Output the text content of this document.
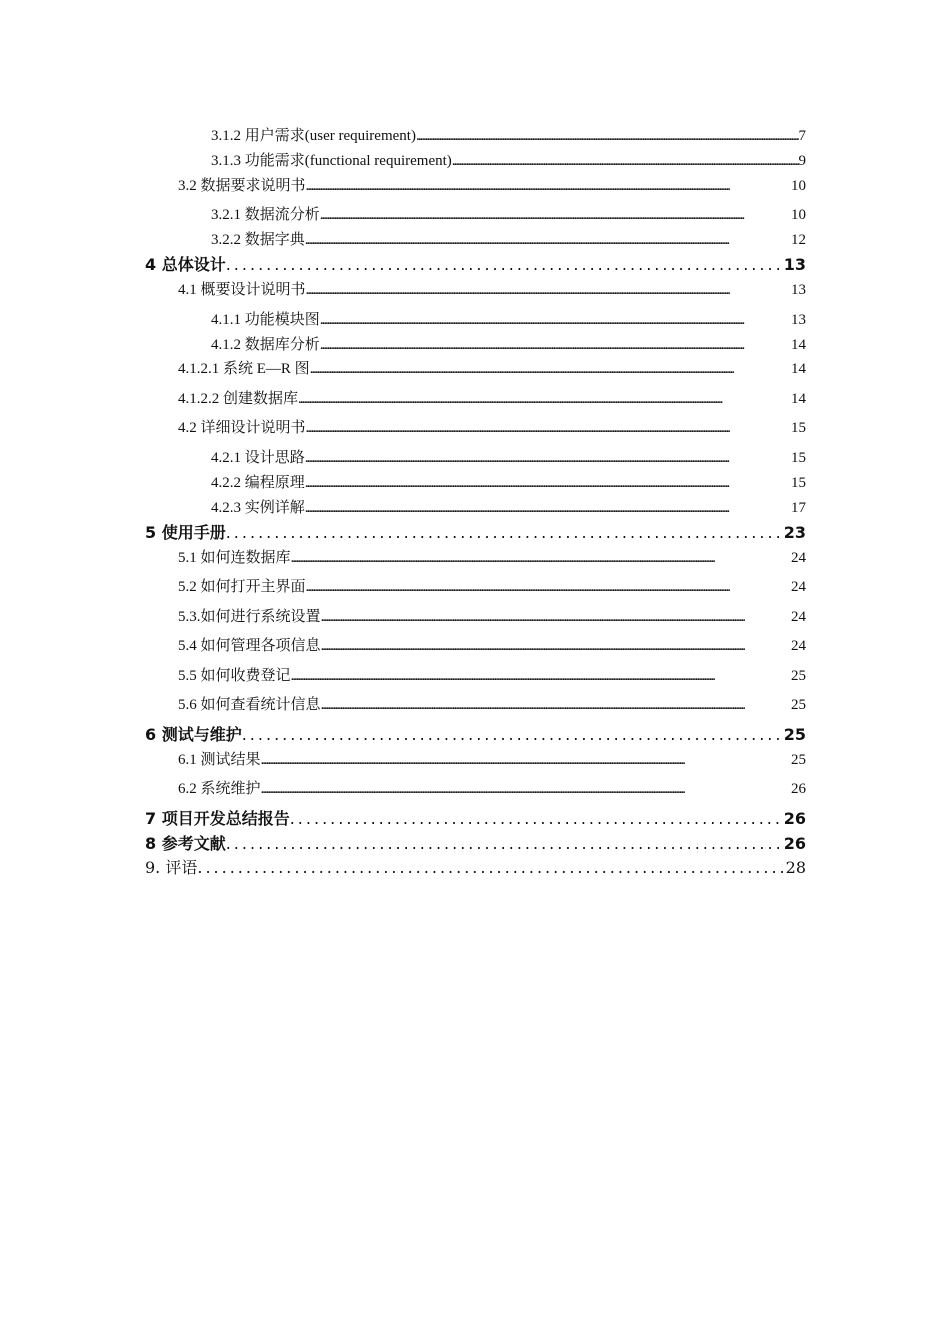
3.1.2 用户需求(user requirement) .....	7
3.1.3 功能需求(functional requirement) .....	9
3.2 数据要求说明书 .....	10
3.2.1 数据流分析 .....	10
3.2.2 数据字典 .....	12
4 总体设计 .....	13
4.1 概要设计说明书 .....	13
4.1.1 功能模块图 .....	13
4.1.2 数据库分析 .....	14
4.1.2.1 系统 E—R 图 .....	14
4.1.2.2 创建数据库 .....	14
4.2 详细设计说明书 .....	15
4.2.1 设计思路 .....	15
4.2.2 编程原理 .....	15
4.2.3 实例详解 .....	17
5 使用手册 .....	23
5.1 如何连数据库 .....	24
5.2 如何打开主界面 .....	24
5.3.如何进行系统设置 .....	24
5.4 如何管理各项信息 .....	24
5.5 如何收费登记 .....	25
5.6 如何查看统计信息 .....	25
6 测试与维护 .....	25
6.1 测试结果 .....	25
6.2 系统维护 .....	26
7 项目开发总结报告 .....	26
8 参考文献 .....	26
9. 评语 .....	28
